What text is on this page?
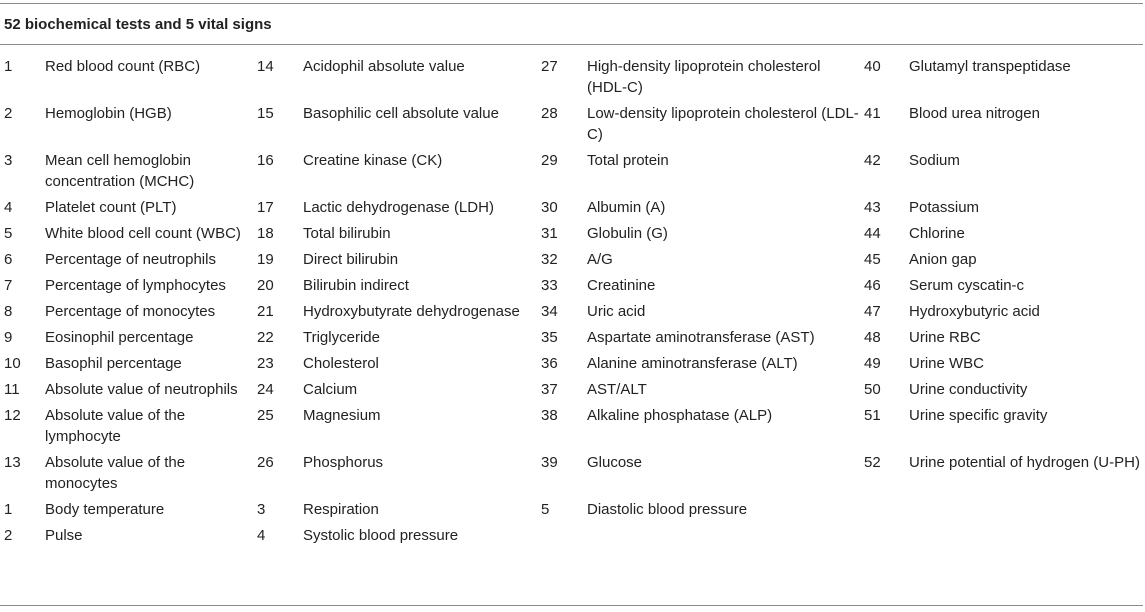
52 biochemical tests and 5 vital signs
1	Red blood count (RBC)	14	Acidophil absolute value	27	High-density lipoprotein cholesterol (HDL-C)	40	Glutamyl transpeptidase
2	Hemoglobin (HGB)	15	Basophilic cell absolute value	28	Low-density lipoprotein cholesterol (LDL-C)	41	Blood urea nitrogen
3	Mean cell hemoglobin concentration (MCHC)	16	Creatine kinase (CK)	29	Total protein	42	Sodium
4	Platelet count (PLT)	17	Lactic dehydrogenase (LDH)	30	Albumin (A)	43	Potassium
5	White blood cell count (WBC)	18	Total bilirubin	31	Globulin (G)	44	Chlorine
6	Percentage of neutrophils	19	Direct bilirubin	32	A/G	45	Anion gap
7	Percentage of lymphocytes	20	Bilirubin indirect	33	Creatinine	46	Serum cyscatin-c
8	Percentage of monocytes	21	Hydroxybutyrate dehydrogenase	34	Uric acid	47	Hydroxybutyric acid
9	Eosinophil percentage	22	Triglyceride	35	Aspartate aminotransferase (AST)	48	Urine RBC
10	Basophil percentage	23	Cholesterol	36	Alanine aminotransferase (ALT)	49	Urine WBC
11	Absolute value of neutrophils	24	Calcium	37	AST/ALT	50	Urine conductivity
12	Absolute value of the lymphocyte	25	Magnesium	38	Alkaline phosphatase (ALP)	51	Urine specific gravity
13	Absolute value of the monocytes	26	Phosphorus	39	Glucose	52	Urine potential of hydrogen (U-PH)
1	Body temperature	3	Respiration	5	Diastolic blood pressure		
2	Pulse	4	Systolic blood pressure				
